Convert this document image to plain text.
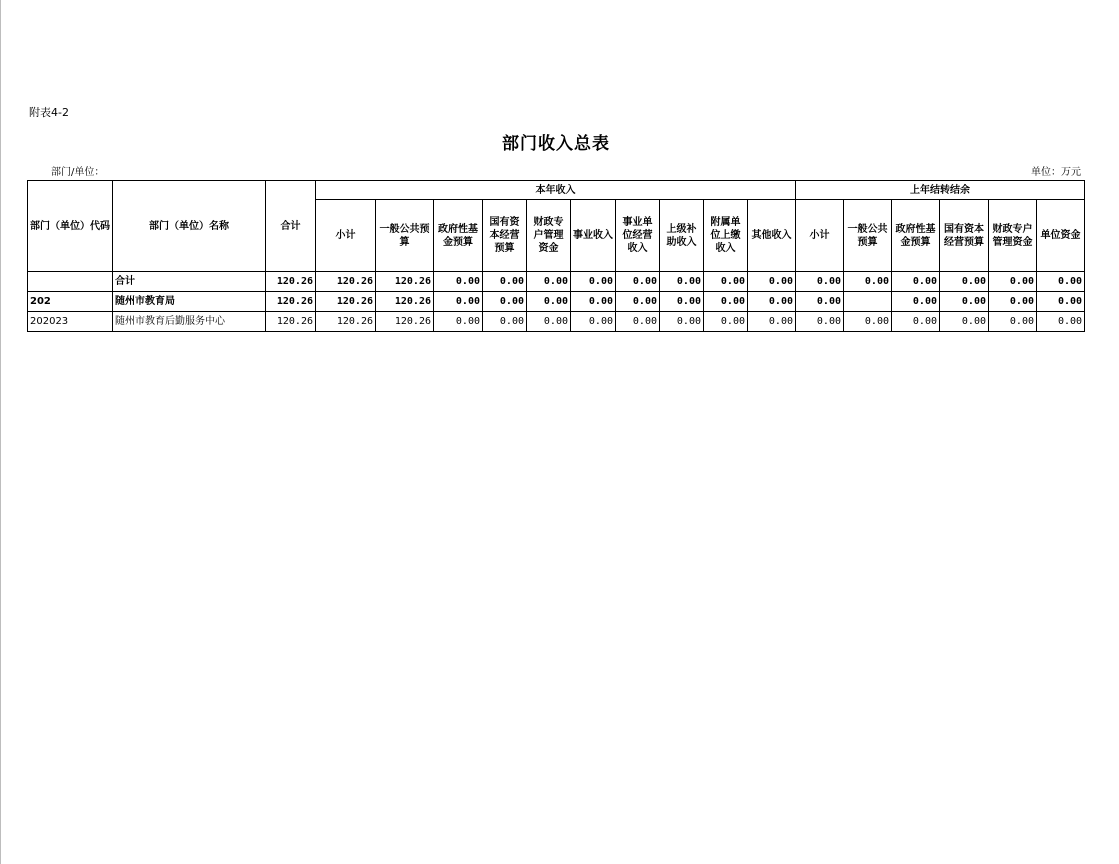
附表4-2
部门收入总表
部门/单位：	单位：万元
部门（单位）代码	部门（单位）名称	合计	本年收入										上年结转结余					
			小计	一般公共预算	政府性基金预算	国有资本经营预算	财政专户管理资金	事业收入	事业单位经营收入	上级补助收入	附属单位上缴收入	其他收入	小计	一般公共预算	政府性基金预算	国有资本经营预算	财政专户管理资金	单位资金
	合计	120.26	120.26	120.26	0.00	0.00	0.00	0.00	0.00	0.00	0.00	0.00	0.00	0.00	0.00	0.00	0.00	0.00
202	随州市教育局	120.26	120.26	120.26	0.00	0.00	0.00	0.00	0.00	0.00	0.00	0.00	0.00		0.00	0.00	0.00	0.00
202023	随州市教育后勤服务中心	120.26	120.26	120.26	0.00	0.00	0.00	0.00	0.00	0.00	0.00	0.00	0.00	0.00	0.00	0.00	0.00	0.00
